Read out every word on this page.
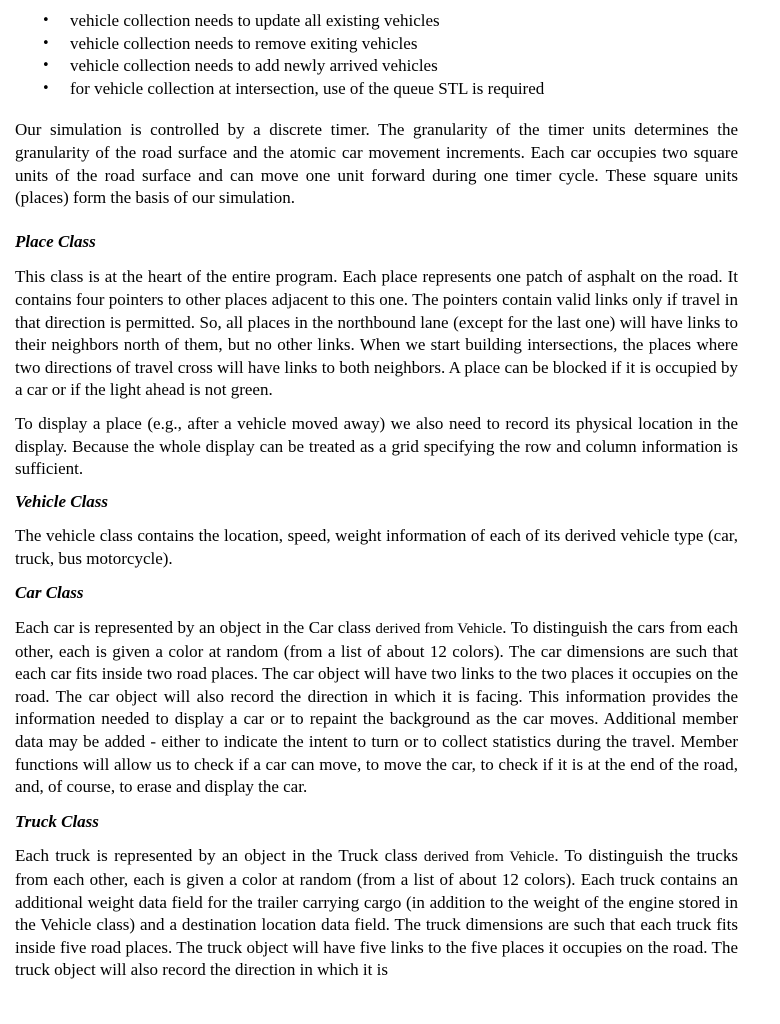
• vehicle collection needs to update all existing vehicles
• vehicle collection needs to remove exiting vehicles
• vehicle collection needs to add newly arrived vehicles
• for vehicle collection at intersection, use of the queue STL is required

Our simulation is controlled by a discrete timer. The granularity of the timer units determines the granularity of the road surface and the atomic car movement increments. Each car occupies two square units of the road surface and can move one unit forward during one timer cycle. These square units (places) form the basis of our simulation.

Place Class

This class is at the heart of the entire program. Each place represents one patch of asphalt on the road. It contains four pointers to other places adjacent to this one. The pointers contain valid links only if travel in that direction is permitted. So, all places in the northbound lane (except for the last one) will have links to their neighbors north of them, but no other links. When we start building intersections, the places where two directions of travel cross will have links to both neighbors. A place can be blocked if it is occupied by a car or if the light ahead is not green.

To display a place (e.g., after a vehicle moved away) we also need to record its physical location in the display. Because the whole display can be treated as a grid specifying the row and column information is sufficient.

Vehicle Class

The vehicle class contains the location, speed, weight information of each of its derived vehicle type (car, truck, bus motorcycle).

Car Class

Each car is represented by an object in the Car class derived from Vehicle. To distinguish the cars from each other, each is given a color at random (from a list of about 12 colors). The car dimensions are such that each car fits inside two road places. The car object will have two links to the two places it occupies on the road. The car object will also record the direction in which it is facing. This information provides the information needed to display a car or to repaint the background as the car moves. Additional member data may be added - either to indicate the intent to turn or to collect statistics during the travel. Member functions will allow us to check if a car can move, to move the car, to check if it is at the end of the road, and, of course, to erase and display the car.

Truck Class

Each truck is represented by an object in the Truck class derived from Vehicle. To distinguish the trucks from each other, each is given a color at random (from a list of about 12 colors). Each truck contains an additional weight data field for the trailer carrying cargo (in addition to the weight of the engine stored in the Vehicle class) and a destination location data field. The truck dimensions are such that each truck fits inside five road places. The truck object will have five links to the five places it occupies on the road. The truck object will also record the direction in which it is
